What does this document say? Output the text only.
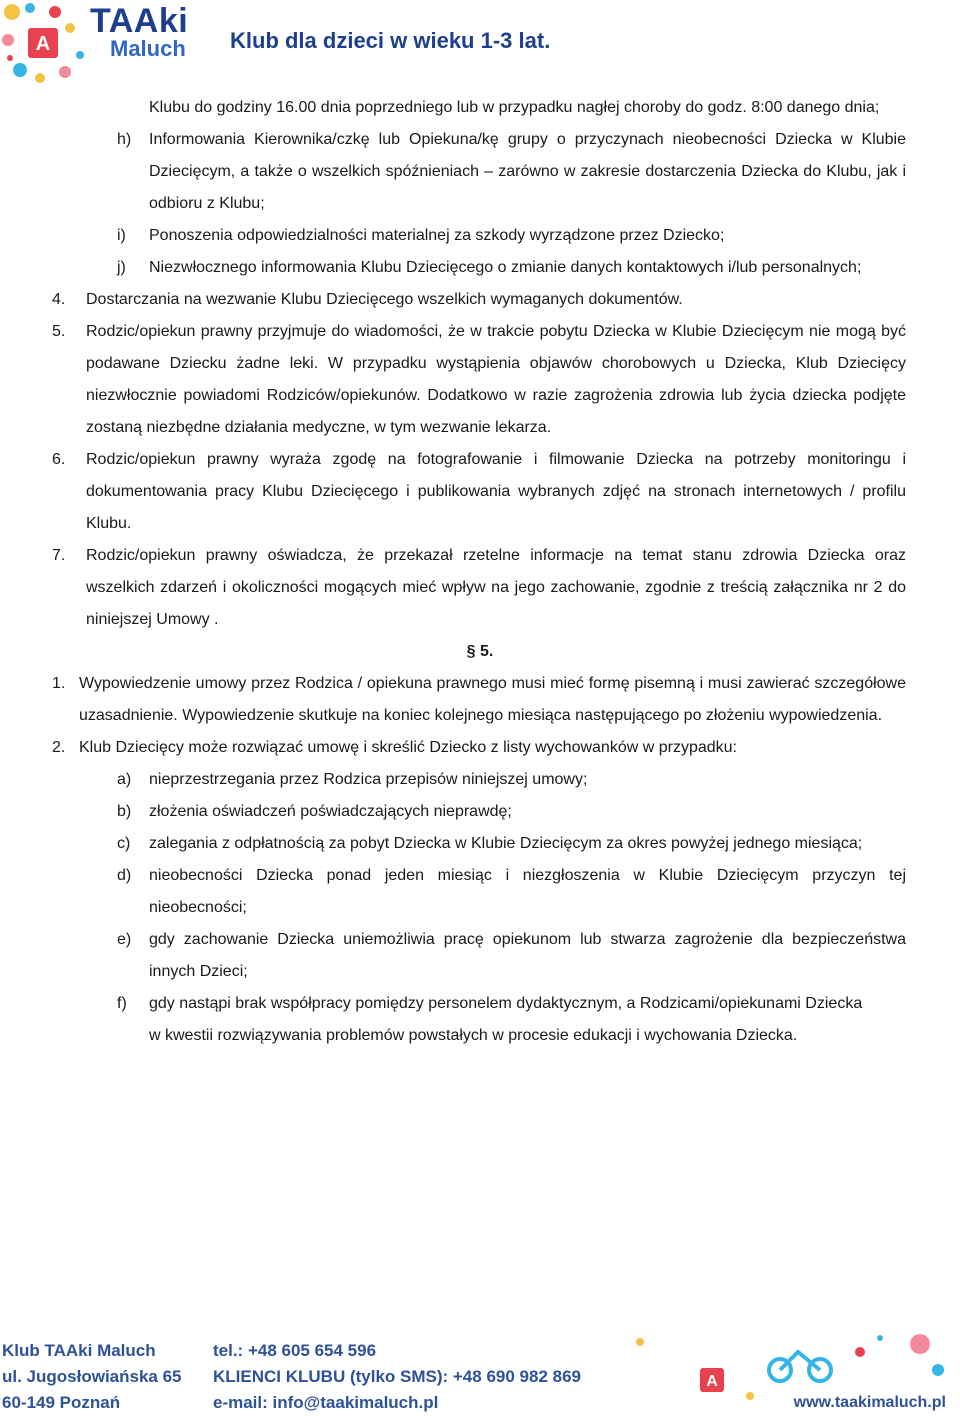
A
TAAki
Maluch Klub dla dzieci w wieku 1-3 lat.
Klubu do godziny 16.00 dnia poprzedniego lub w przypadku nagłej choroby do godz. 8:00 danego dnia;
h) Informowania Kierownika/czkę lub Opiekuna/kę grupy o przyczynach nieobecności Dziecka w Klubie Dziecięcym, a także o wszelkich spóźnieniach – zarówno w zakresie dostarczenia Dziecka do Klubu, jak i odbioru z Klubu;
i) Ponoszenia odpowiedzialności materialnej za szkody wyrządzone przez Dziecko;
j) Niezwłocznego informowania Klubu Dziecięcego o zmianie danych kontaktowych i/lub personalnych;
4. Dostarczania na wezwanie Klubu Dziecięcego wszelkich wymaganych dokumentów.
5. Rodzic/opiekun prawny przyjmuje do wiadomości, że w trakcie pobytu Dziecka w Klubie Dziecięcym nie mogą być podawane Dziecku żadne leki. W przypadku wystąpienia objawów chorobowych u Dziecka, Klub Dziecięcy niezwłocznie powiadomi Rodziców/opiekunów. Dodatkowo w razie zagrożenia zdrowia lub życia dziecka podjęte zostaną niezbędne działania medyczne, w tym wezwanie lekarza.
6. Rodzic/opiekun prawny wyraża zgodę na fotografowanie i filmowanie Dziecka na potrzeby monitoringu i dokumentowania pracy Klubu Dziecięcego i publikowania wybranych zdjęć na stronach internetowych / profilu Klubu.
7. Rodzic/opiekun prawny oświadcza, że przekazał rzetelne informacje na temat stanu zdrowia Dziecka oraz wszelkich zdarzeń i okoliczności mogących mieć wpływ na jego zachowanie, zgodnie z treścią załącznika nr 2 do niniejszej Umowy .
§ 5.
1. Wypowiedzenie umowy przez Rodzica / opiekuna prawnego musi mieć formę pisemną i musi zawierać szczegółowe uzasadnienie. Wypowiedzenie skutkuje na koniec kolejnego miesiąca następującego po złożeniu wypowiedzenia.
2. Klub Dziecięcy może rozwiązać umowę i skreślić Dziecko z listy wychowanków w przypadku:
a) nieprzestrzegania przez Rodzica przepisów niniejszej umowy;
b) złożenia oświadczeń poświadczających nieprawdę;
c) zalegania z odpłatnością za pobyt Dziecka w Klubie Dziecięcym za okres powyżej jednego miesiąca;
d) nieobecności Dziecka ponad jeden miesiąc i niezgłoszenia w Klubie Dziecięcym przyczyn tej nieobecności;
e) gdy zachowanie Dziecka uniemożliwia pracę opiekunom lub stwarza zagrożenie dla bezpieczeństwa innych Dzieci;
f) gdy nastąpi brak współpracy pomiędzy personelem dydaktycznym, a Rodzicami/opiekunami Dziecka
w kwestii rozwiązywania problemów powstałych w procesie edukacji i wychowania Dziecka.
Klub TAAki Maluch
ul. Jugosłowiańska 65
60-149 Poznań
tel.: +48 605 654 596
KLIENCI KLUBU (tylko SMS): +48 690 982 869
e-mail: info@taakimaluch.pl
A
www.taakimaluch.pl
